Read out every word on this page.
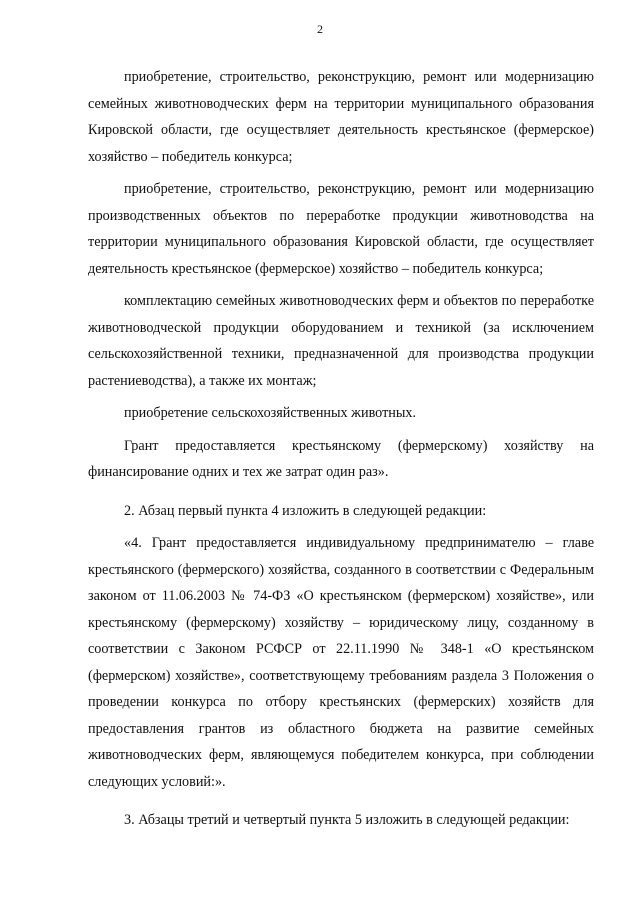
2

приобретение, строительство, реконструкцию, ремонт или модернизацию семейных животноводческих ферм на территории муниципального образования Кировской области, где осуществляет деятельность крестьянское (фермерское) хозяйство – победитель конкурса;

приобретение, строительство, реконструкцию, ремонт или модернизацию производственных объектов по переработке продукции животноводства на территории муниципального образования Кировской области, где осуществляет деятельность крестьянское (фермерское) хозяйство – победитель конкурса;

комплектацию семейных животноводческих ферм и объектов по переработке животноводческой продукции оборудованием и техникой (за исключением сельскохозяйственной техники, предназначенной для производства продукции растениеводства), а также их монтаж;

приобретение сельскохозяйственных животных.

Грант предоставляется крестьянскому (фермерскому) хозяйству на финансирование одних и тех же затрат один раз».

2. Абзац первый пункта 4 изложить в следующей редакции:

«4. Грант предоставляется индивидуальному предпринимателю – главе крестьянского (фермерского) хозяйства, созданного в соответствии с Федеральным законом от 11.06.2003 № 74-ФЗ «О крестьянском (фермерском) хозяйстве», или крестьянскому (фермерскому) хозяйству – юридическому лицу, созданному в соответствии с Законом РСФСР от 22.11.1990 № 348-1 «О крестьянском (фермерском) хозяйстве», соответствующему требованиям раздела 3 Положения о проведении конкурса по отбору крестьянских (фермерских) хозяйств для предоставления грантов из областного бюджета на развитие семейных животноводческих ферм, являющемуся победителем конкурса, при соблюдении следующих условий:».

3. Абзацы третий и четвертый пункта 5 изложить в следующей редакции:
